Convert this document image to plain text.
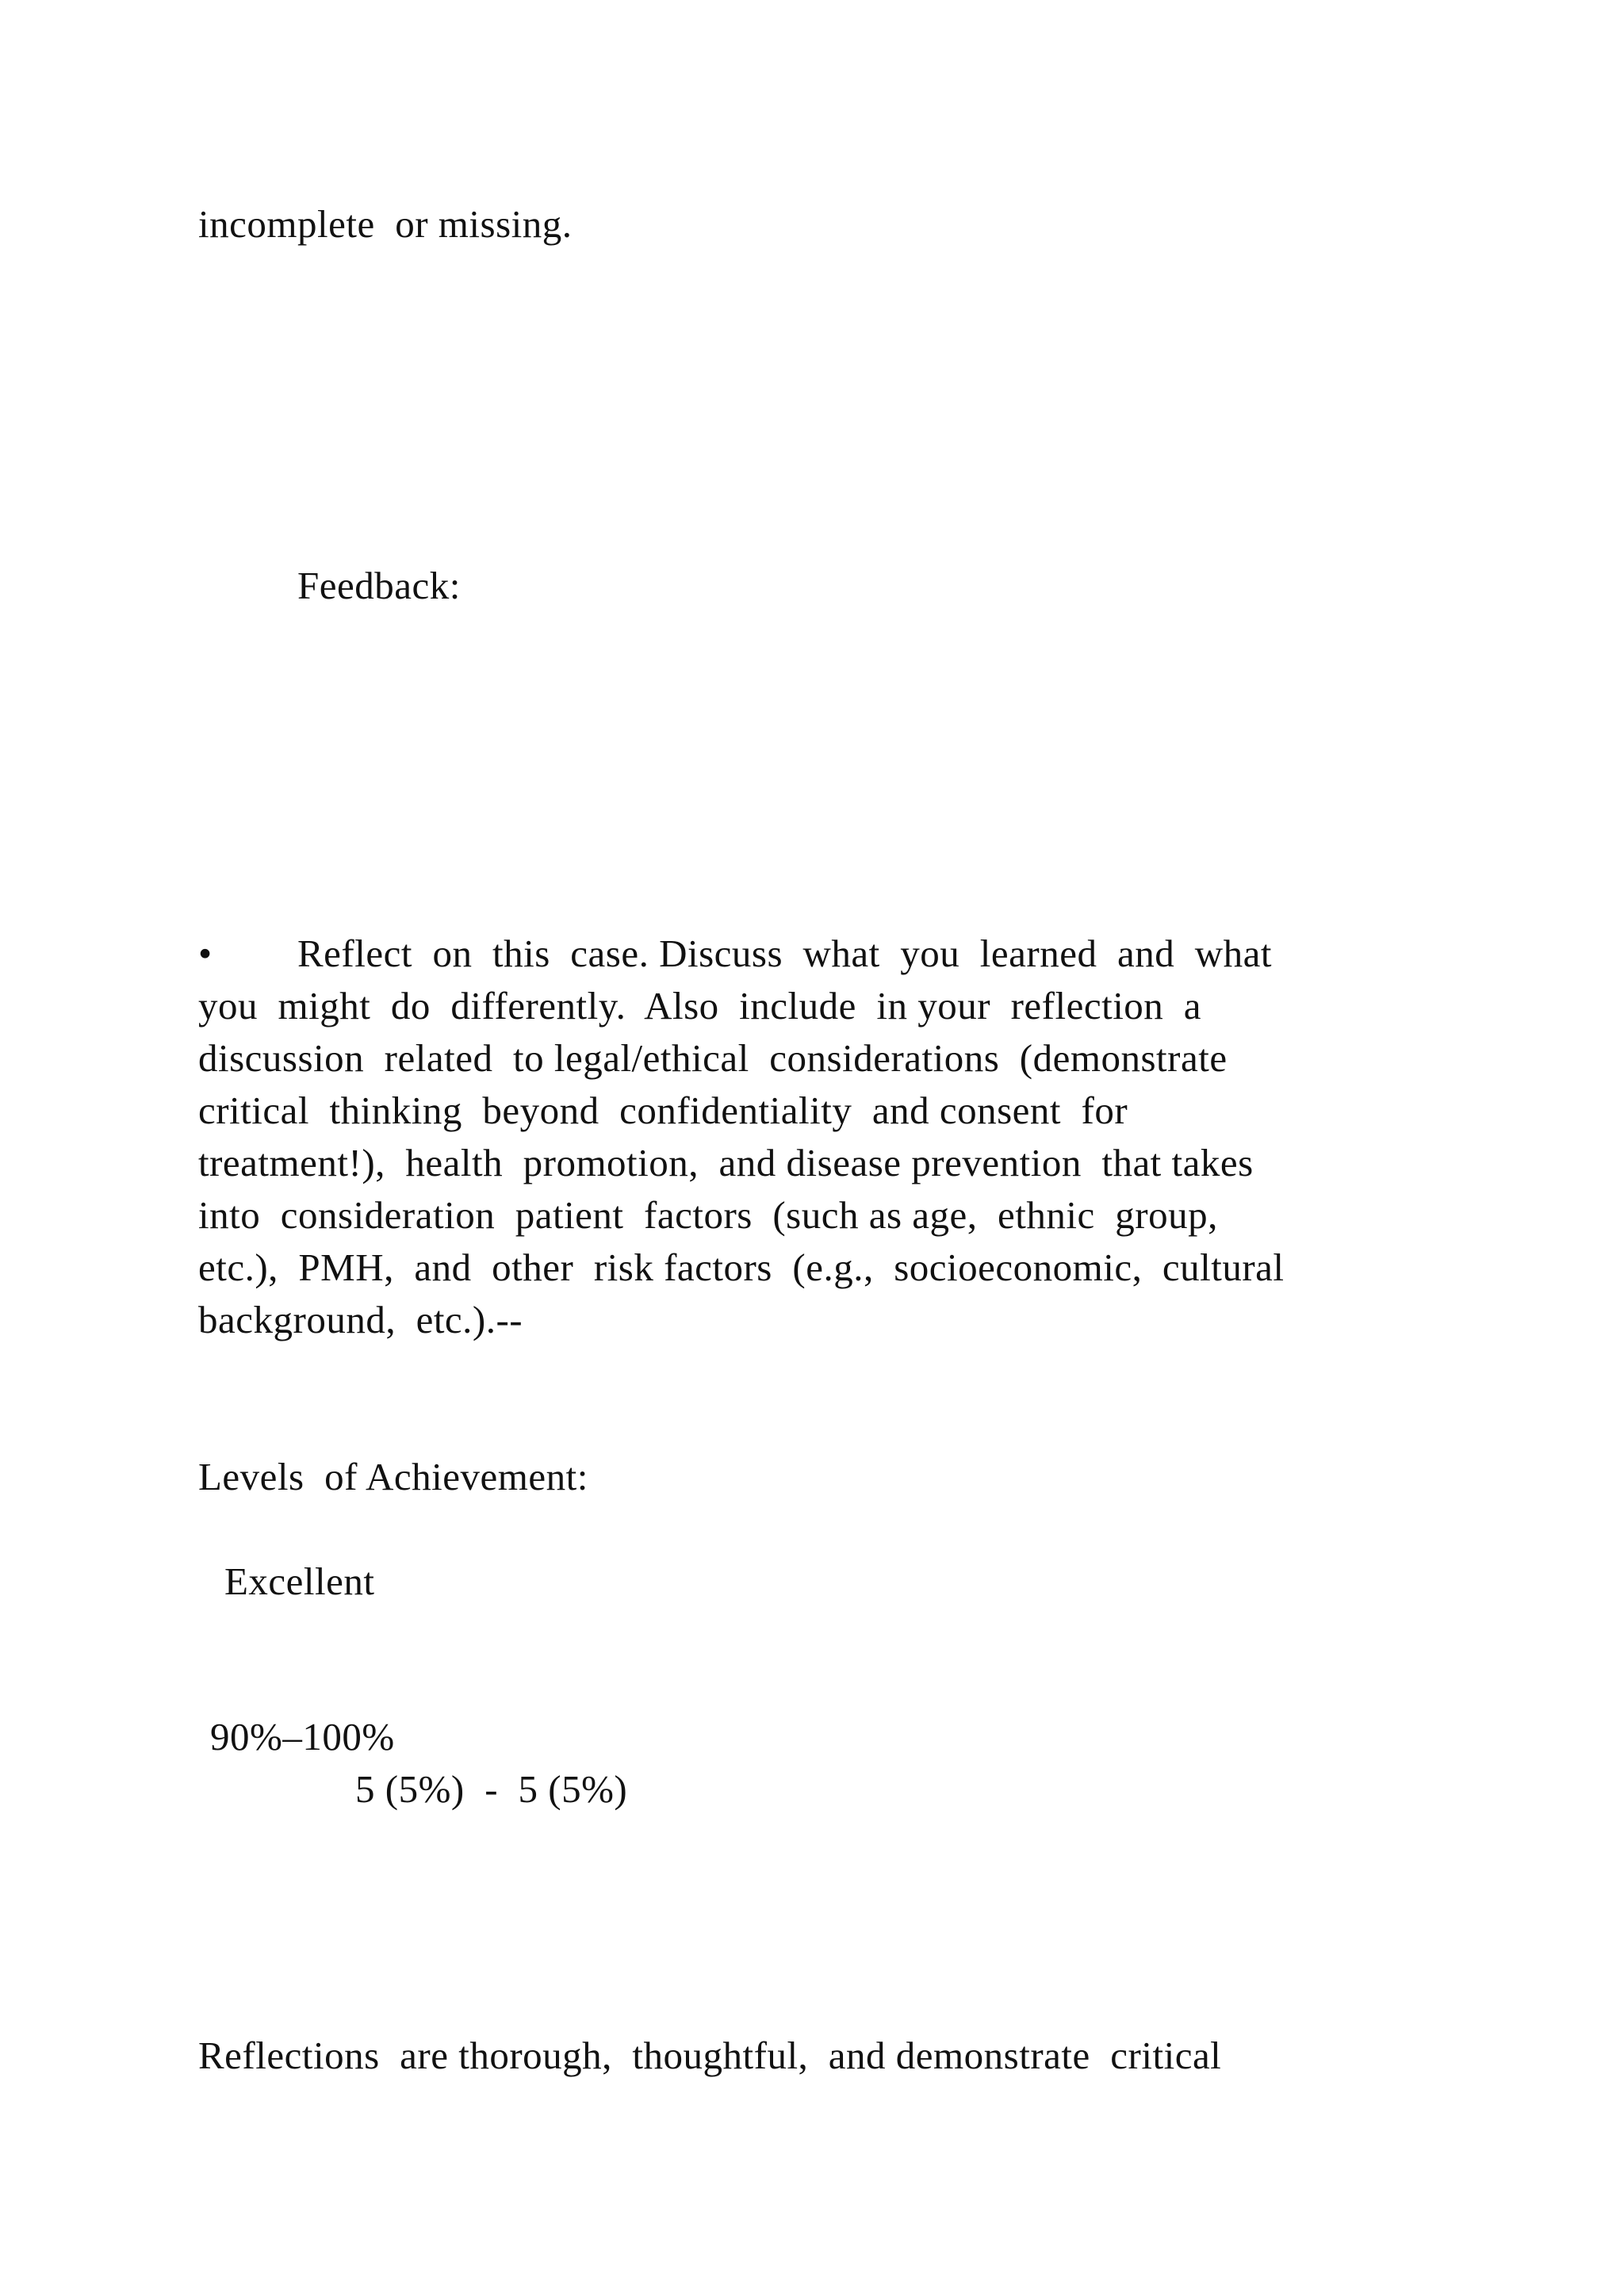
incomplete  or missing.
Feedback:
•	Reflect  on  this  case. Discuss  what  you  learned  and  what
you  might  do  differently.  Also  include  in your  reflection  a
discussion  related  to legal/ethical  considerations  (demonstrate
critical  thinking  beyond  confidentiality  and consent  for
treatment!),  health  promotion,  and disease prevention  that takes
into  consideration  patient  factors  (such as age,  ethnic  group,
etc.),  PMH,  and  other  risk factors  (e.g.,  socioeconomic,  cultural
background,  etc.).--
Levels  of Achievement:
Excellent
90%–100%
5 (5%)  -  5 (5%)
Reflections  are thorough,  thoughtful,  and demonstrate  critical
